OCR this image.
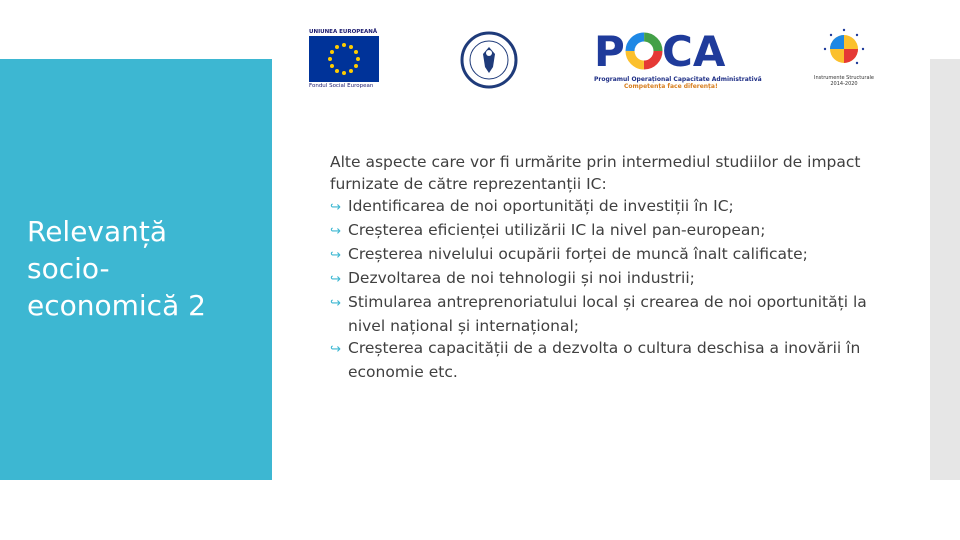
UNIUNEA EUROPEANĂ
Fondul Social European
P CA
Programul Operațional Capacitate Administrativă
Competența face diferența!
Instrumente Structurale
2014-2020
Relevanță
socio-
economică 2

Alte aspecte care vor fi urmărite prin intermediul studiilor de impact furnizate de către reprezentanții IC:

↪ Identificarea de noi oportunități de investiții în IC;

↪ Creșterea eficienței utilizării IC la nivel pan-european;

↪ Creșterea nivelului ocupării forței de muncă înalt calificate;

↪ Dezvoltarea de noi tehnologii și noi industrii;

↪ Stimularea antreprenoriatului local și crearea de noi oportunități la nivel național și internațional;

↪ Creșterea capacității de a dezvolta o cultura deschisa a inovării în economie etc.
